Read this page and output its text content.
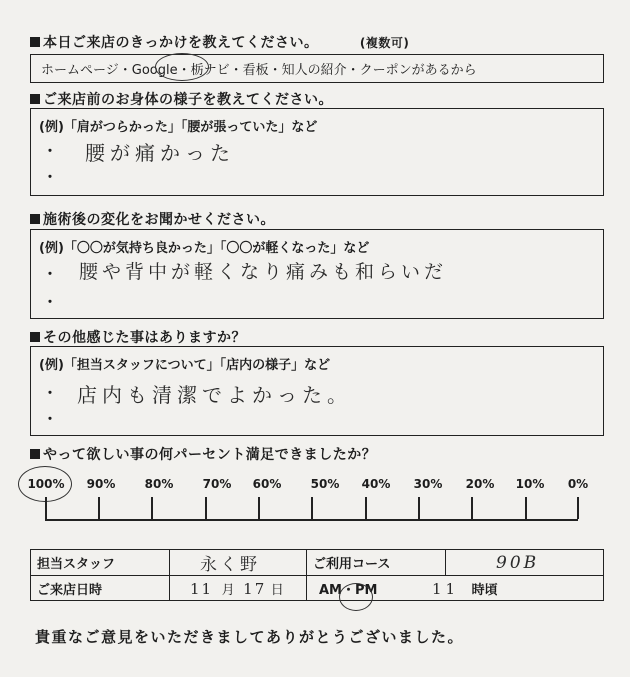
本日ご来店のきっかけを教えてください。	(複数可)
ホームページ・Google・栃ナビ・看板・知人の紹介・クーポンがあるから
ご来店前のお身体の様子を教えてください。
(例)「肩がつらかった」「腰が張っていた」など
・
・
腰が痛かった
施術後の変化をお聞かせください。
(例)「〇〇が気持ち良かった」「〇〇が軽くなった」など
・
・
腰や背中が軽くなり痛みも和らいだ
その他感じた事はありますか？
(例)「担当スタッフについて」「店内の様子」など
・
・
店内も清潔でよかった。
やって欲しい事の何パーセント満足できましたか？
100%	90%	80%	70%	60%	50%	40%	30%	20%	10%	0%
担当スタッフ	永く野	ご利用コース	90B
ご来店日時	11 月 17 日	AM・PM 11 時頃	
貴重なご意見をいただきましてありがとうございました。
